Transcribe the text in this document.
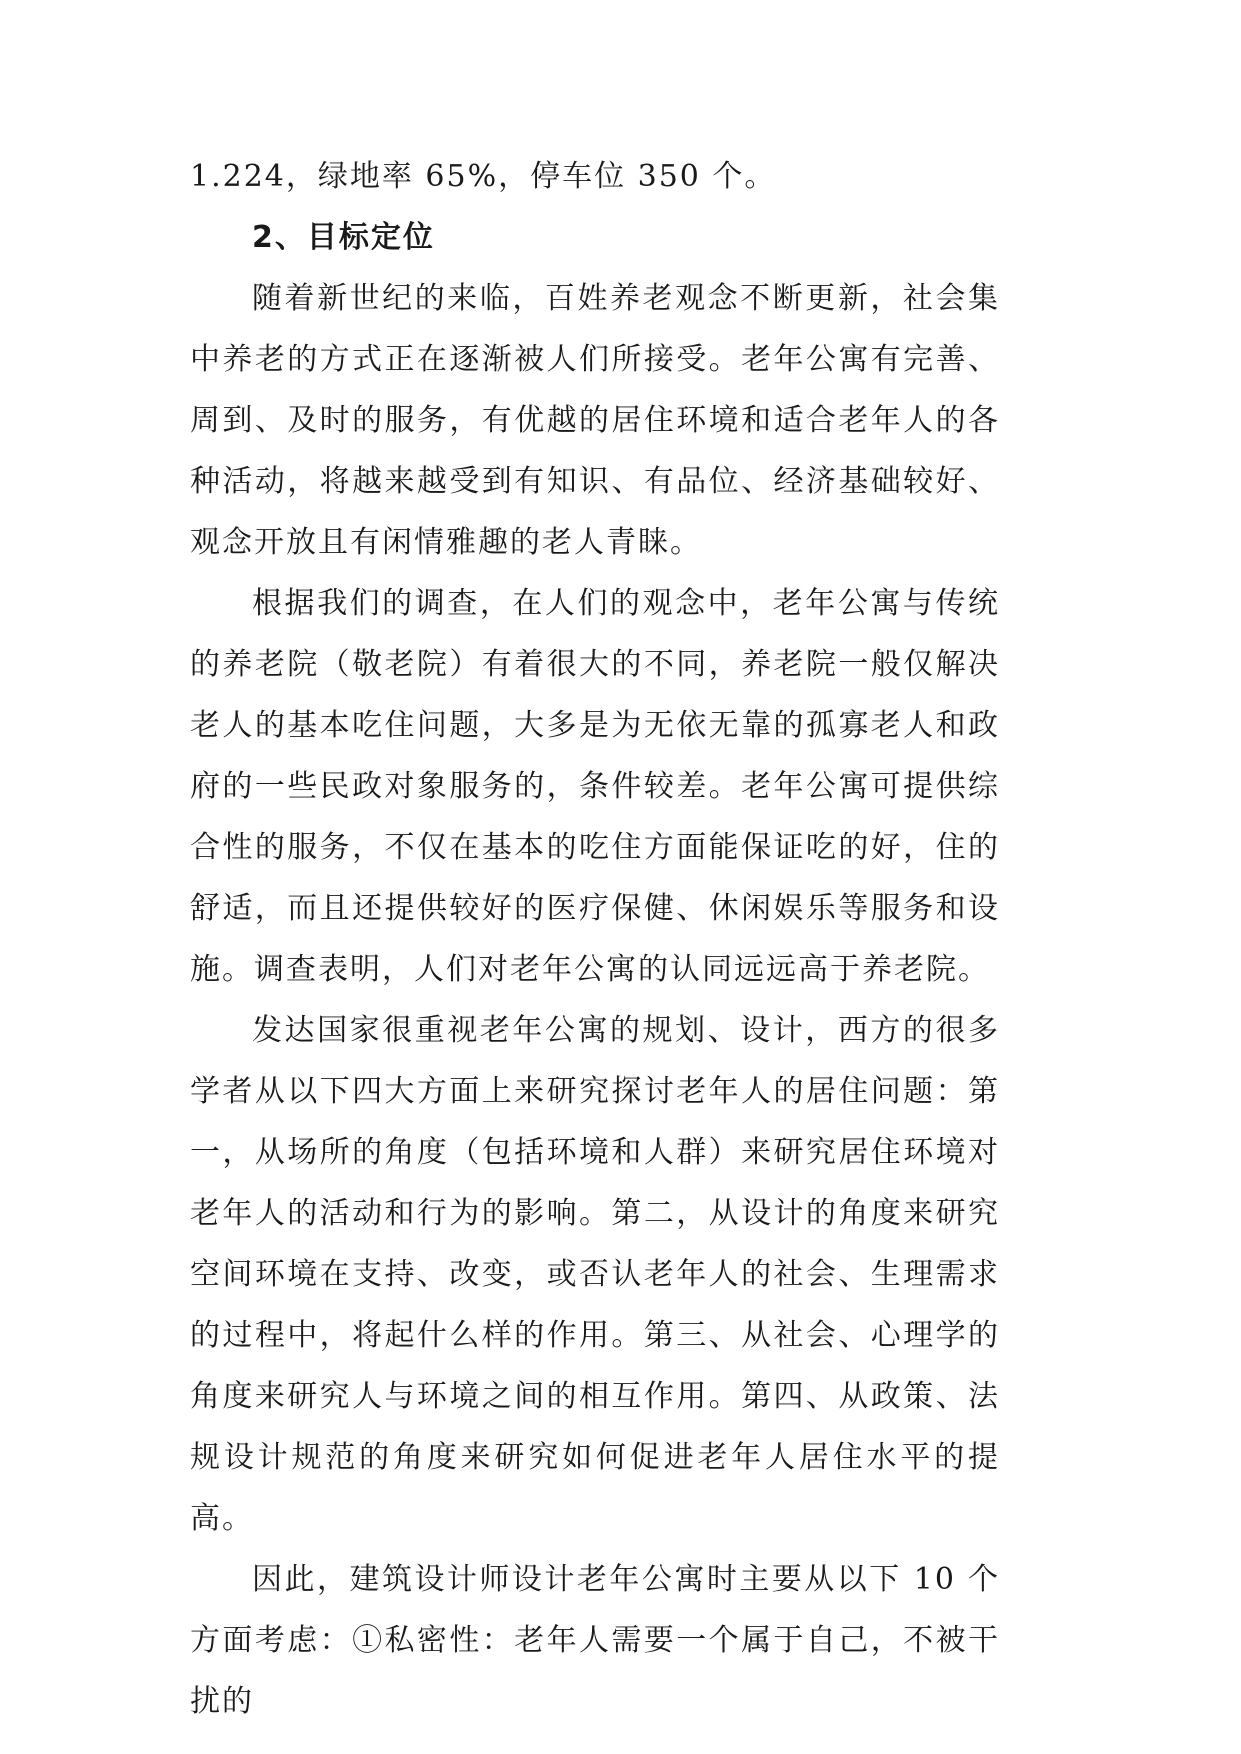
1.224，绿地率 65%，停车位 350 个。

2、目标定位

随着新世纪的来临，百姓养老观念不断更新，社会集中养老的方式正在逐渐被人们所接受。老年公寓有完善、周到、及时的服务，有优越的居住环境和适合老年人的各种活动，将越来越受到有知识、有品位、经济基础较好、观念开放且有闲情雅趣的老人青睐。

根据我们的调查，在人们的观念中，老年公寓与传统的养老院（敬老院）有着很大的不同，养老院一般仅解决老人的基本吃住问题，大多是为无依无靠的孤寡老人和政府的一些民政对象服务的，条件较差。老年公寓可提供综合性的服务，不仅在基本的吃住方面能保证吃的好，住的舒适，而且还提供较好的医疗保健、休闲娱乐等服务和设施。调查表明，人们对老年公寓的认同远远高于养老院。

发达国家很重视老年公寓的规划、设计，西方的很多学者从以下四大方面上来研究探讨老年人的居住问题：第一，从场所的角度（包括环境和人群）来研究居住环境对老年人的活动和行为的影响。第二，从设计的角度来研究空间环境在支持、改变，或否认老年人的社会、生理需求的过程中，将起什么样的作用。第三、从社会、心理学的角度来研究人与环境之间的相互作用。第四、从政策、法规设计规范的角度来研究如何促进老年人居住水平的提高。

因此，建筑设计师设计老年公寓时主要从以下 10 个方面考虑：①私密性：老年人需要一个属于自己，不被干扰的
